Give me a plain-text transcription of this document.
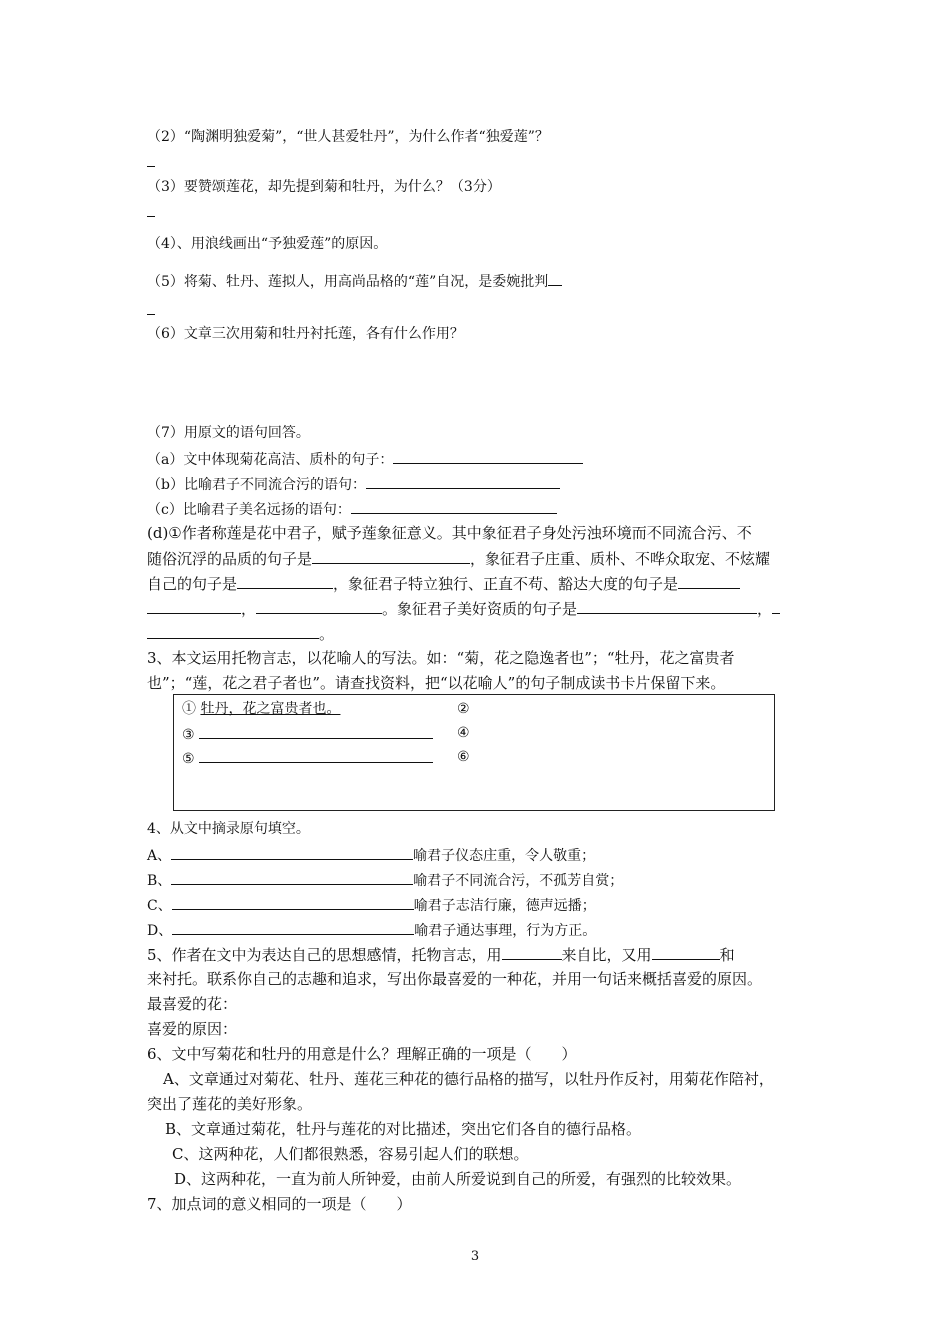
（2）“陶渊明独爱菊”，“世人甚爱牡丹”，为什么作者“独爱莲”？
（3）要赞颂莲花，却先提到菊和牡丹，为什么？（3分）
（4）、用浪线画出“予独爱莲”的原因。
（5）将菊、牡丹、莲拟人，用高尚品格的“莲”自况，是委婉批判
（6）文章三次用菊和牡丹衬托莲，各有什么作用？
（7）用原文的语句回答。
（a）文中体现菊花高洁、质朴的句子：
（b）比喻君子不同流合污的语句：
（c）比喻君子美名远扬的语句：
(d)①作者称莲是花中君子，赋予莲象征意义。其中象征君子身处污浊环境而不同流合污、不
随俗沉浮的品质的句子是	，象征君子庄重、质朴、不哗众取宠、不炫耀
自己的句子是	，象征君子特立独行、正直不苟、豁达大度的句子是
，	。象征君子美好资质的句子是	，
。
3、本文运用托物言志，以花喻人的写法。如：“菊，花之隐逸者也”；“牡丹，花之富贵者
也”；“莲，花之君子者也”。请查找资料，把“以花喻人”的句子制成读书卡片保留下来。
① 牡丹，花之富贵者也。	②
③	④
⑤	⑥
4、从文中摘录原句填空。
A、	喻君子仪态庄重，令人敬重；
B、	喻君子不同流合污，不孤芳自赏；
C、	喻君子志洁行廉，德声远播；
D、	喻君子通达事理，行为方正。
5、作者在文中为表达自己的思想感情，托物言志，用	来自比，又用	和
来衬托。联系你自己的志趣和追求，写出你最喜爱的一种花，并用一句话来概括喜爱的原因。
最喜爱的花：
喜爱的原因：
6、文中写菊花和牡丹的用意是什么？理解正确的一项是（　　）
A、文章通过对菊花、牡丹、莲花三种花的德行品格的描写，以牡丹作反衬，用菊花作陪衬，
突出了莲花的美好形象。
B、文章通过菊花，牡丹与莲花的对比描述，突出它们各自的德行品格。
C、这两种花，人们都很熟悉，容易引起人们的联想。
D、这两种花，一直为前人所钟爱，由前人所爱说到自己的所爱，有强烈的比较效果。
7、加点词的意义相同的一项是（　　）
3
